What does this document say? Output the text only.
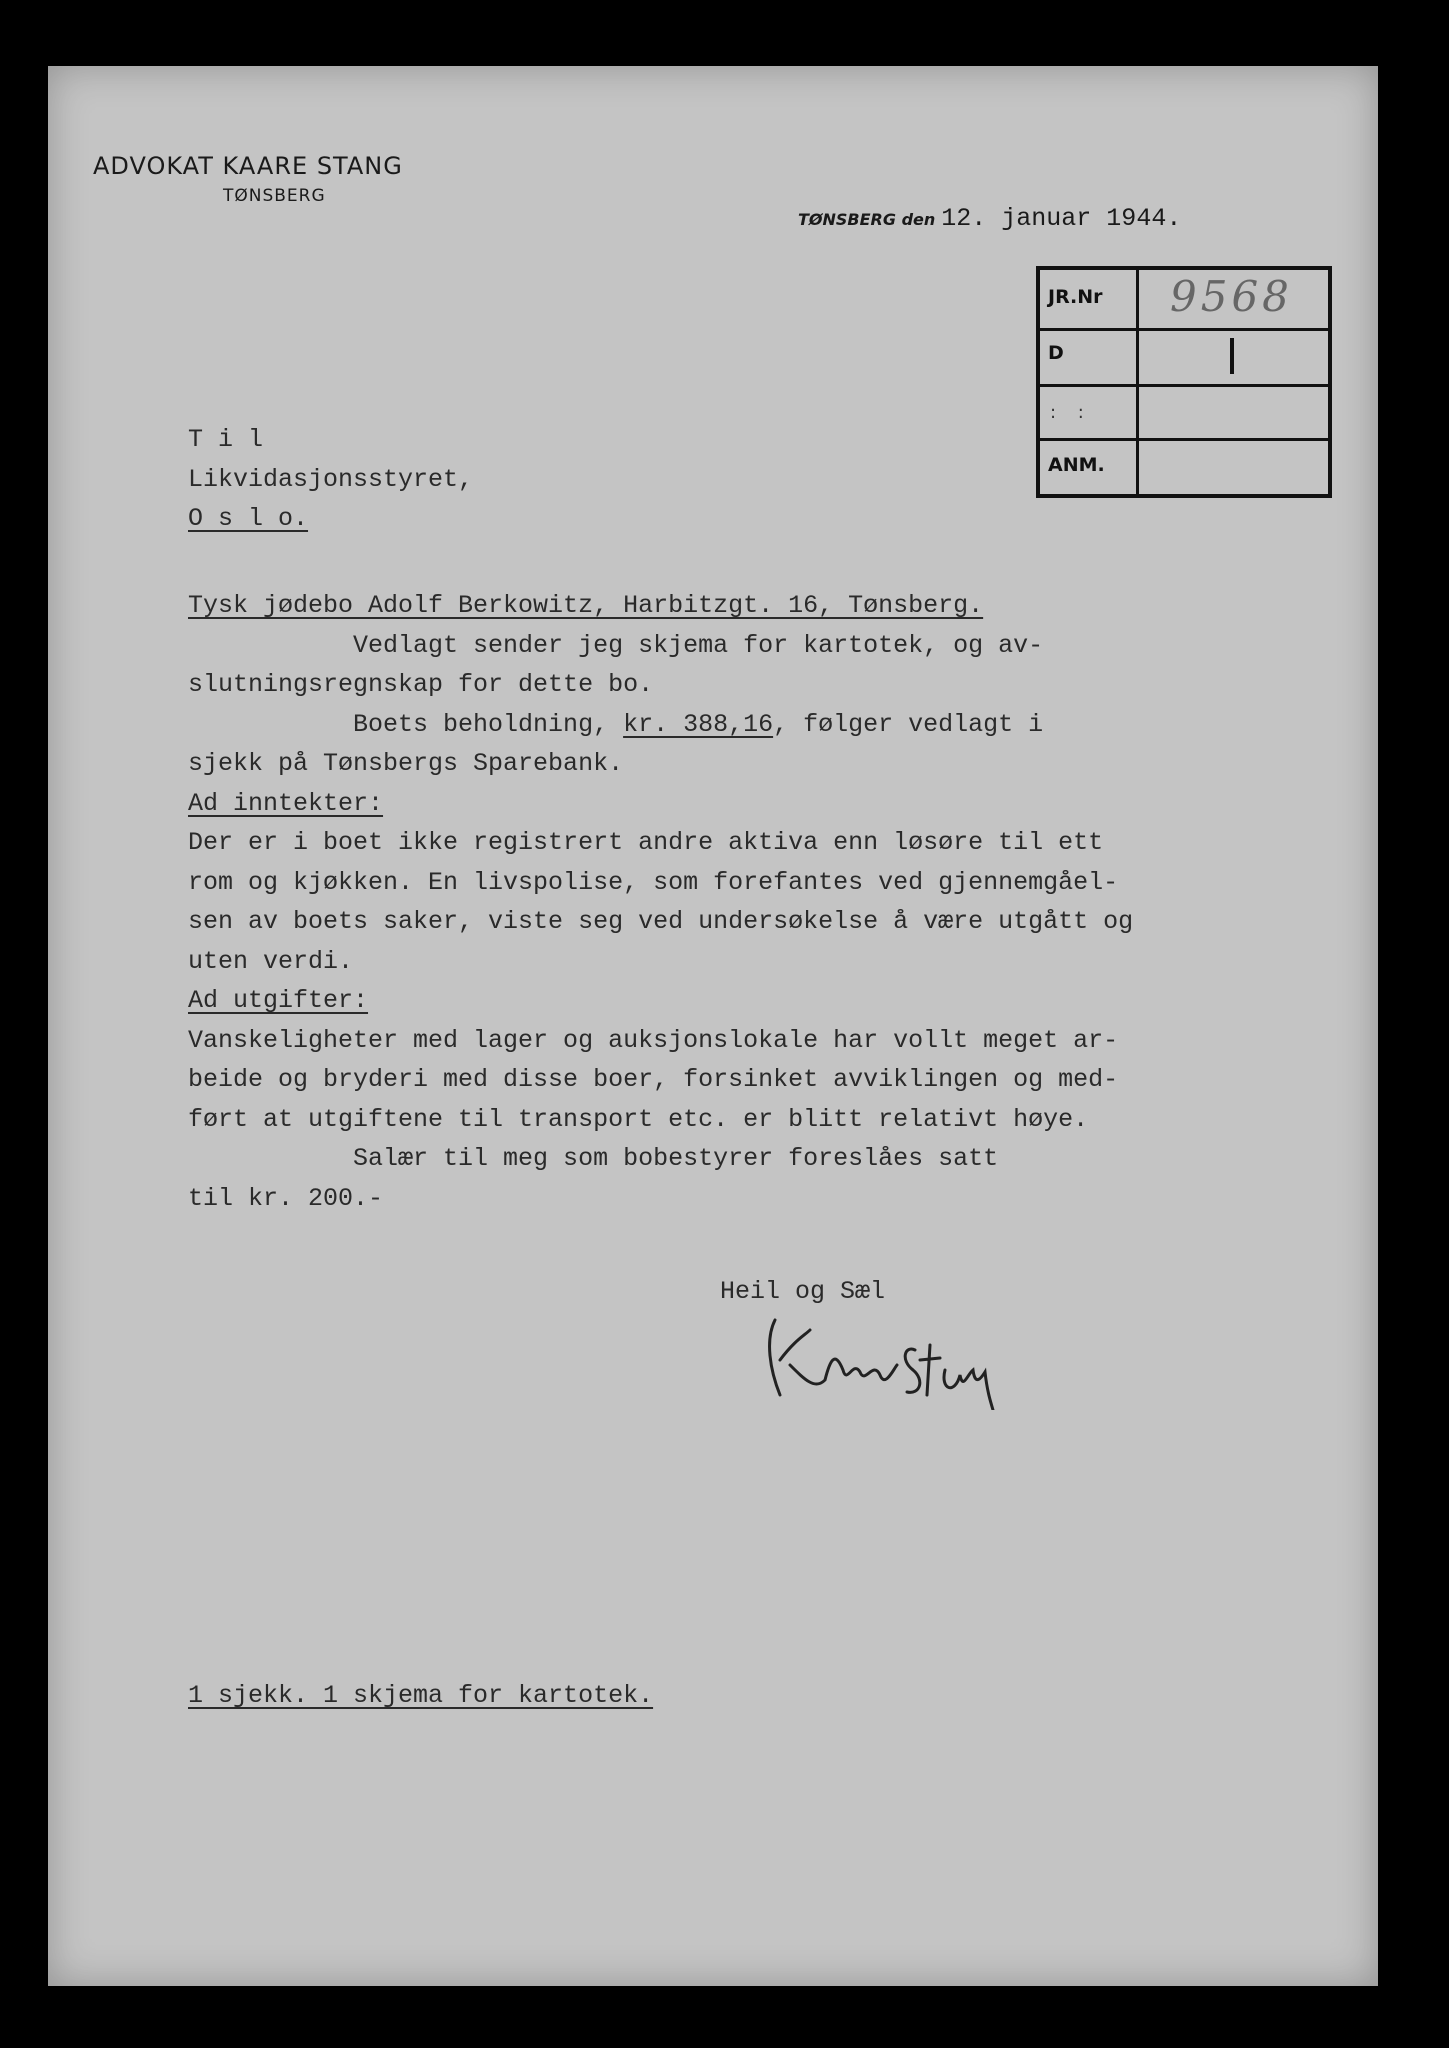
ADVOKAT KAARE STANG
TØNSBERG
TØNSBERG den 12. januar 1944.
JR.Nr 9568
D
: :
ANM.
T i l
Likvidasjonsstyret,
O s l o.
Tysk jødebo Adolf Berkowitz, Harbitzgt. 16, Tønsberg.
Vedlagt sender jeg skjema for kartotek, og av-
slutningsregnskap for dette bo.
Boets beholdning, kr. 388,16, følger vedlagt i
sjekk på Tønsbergs Sparebank.
Ad inntekter:
Der er i boet ikke registrert andre aktiva enn løsøre til ett
rom og kjøkken. En livspolise, som forefantes ved gjennemgåel-
sen av boets saker, viste seg ved undersøkelse å være utgått og
uten verdi.
Ad utgifter:
Vanskeligheter med lager og auksjonslokale har vollt meget ar-
beide og bryderi med disse boer, forsinket avviklingen og med-
ført at utgiftene til transport etc. er blitt relativt høye.
Salær til meg som bobestyrer foreslåes satt
til kr. 200.-
Heil og Sæl
1 sjekk. 1 skjema for kartotek.
